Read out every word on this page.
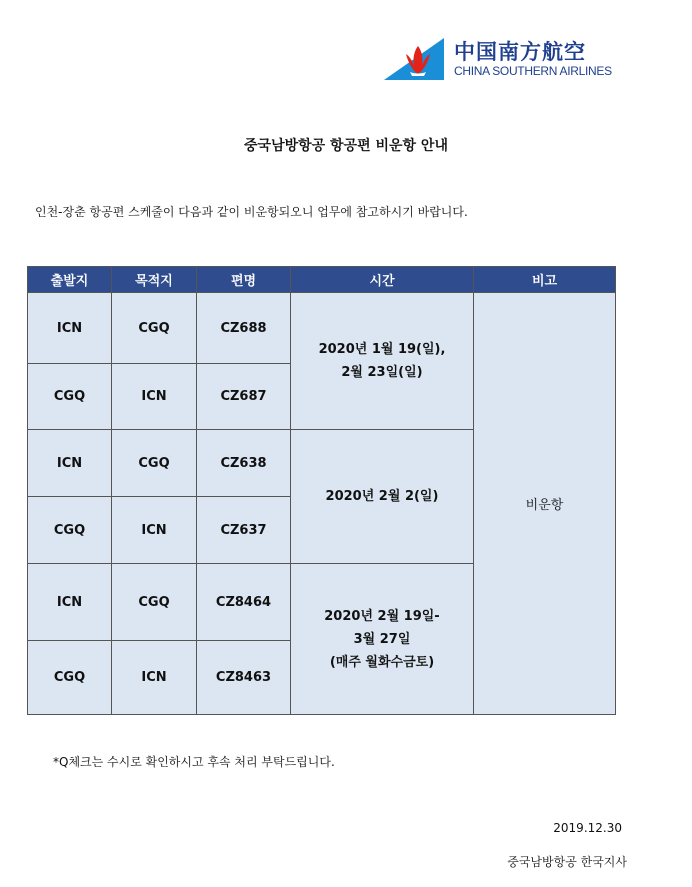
中国南方航空
CHINA SOUTHERN AIRLINES
중국남방항공 항공편 비운항 안내
인천-장춘 항공편 스케줄이 다음과 같이 비운항되오니 업무에 참고하시기 바랍니다.
출발지	목적지	편명	시간	비고
ICN	CGQ	CZ688	2020년 1월 19(일),
2월 23일(일)	비운항
CGQ	ICN	CZ687		
ICN	CGQ	CZ638	2020년 2월 2(일)	

CGQ	ICN	CZ637		
ICN	CGQ	CZ8464	2020년 2월 19일-
3월 27일
(매주 월화수금토)	

CGQ	ICN	CZ8463		
*Q체크는 수시로 확인하시고 후속 처리 부탁드립니다.
2019.12.30
중국남방항공 한국지사
